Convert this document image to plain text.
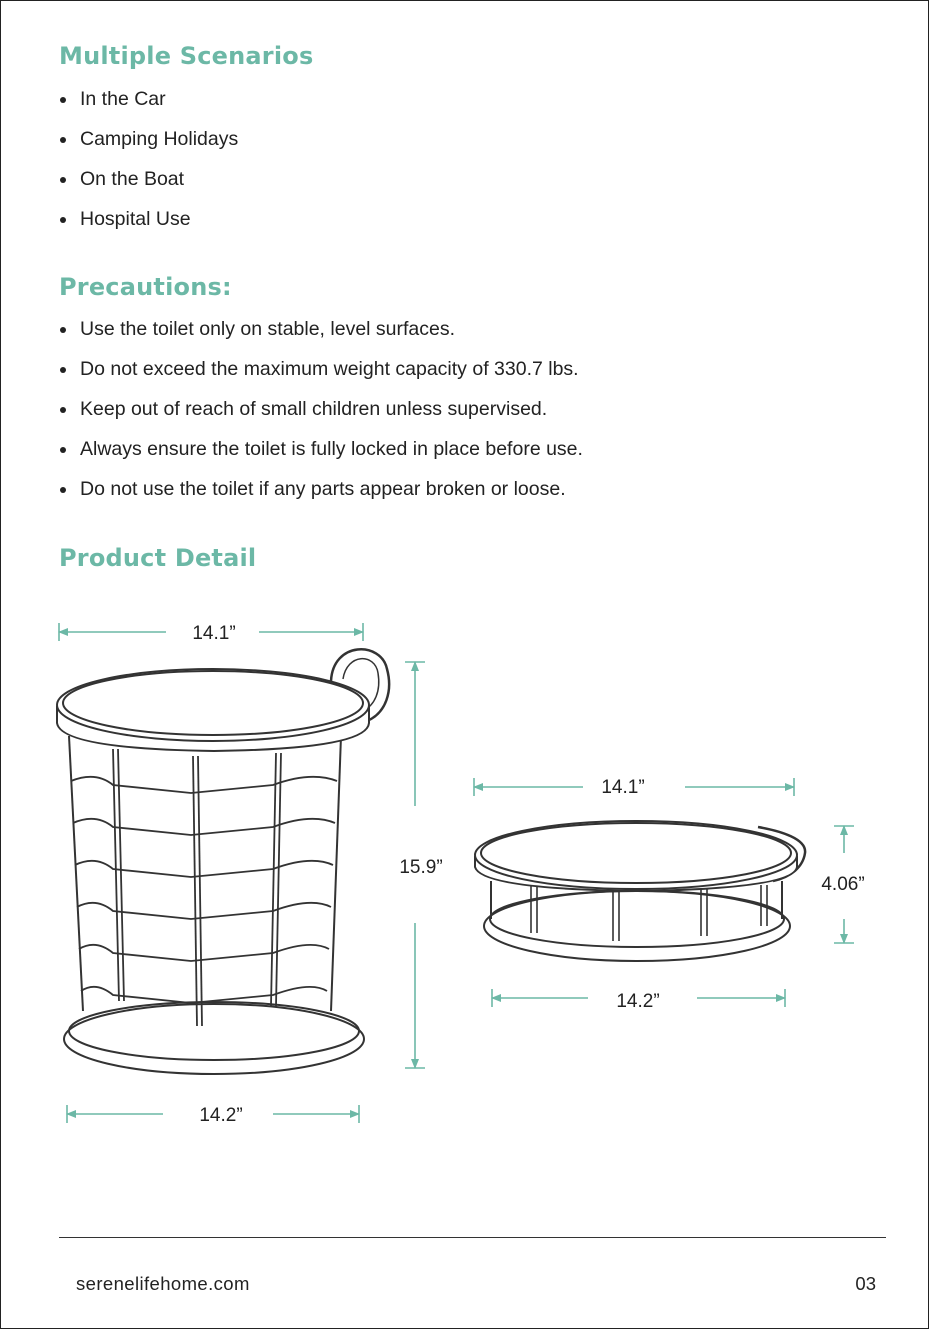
Multiple Scenarios
In the Car
Camping Holidays
On the Boat
Hospital Use
Precautions:
Use the toilet only on stable, level surfaces.
Do not exceed the maximum weight capacity of 330.7 lbs.
Keep out of reach of small children unless supervised.
Always ensure the toilet is fully locked in place before use.
Do not use the toilet if any parts appear broken or loose.
Product Detail
14.1”
15.9”
14.2”
14.1”
4.06”
14.2”
serenelifehome.com	03
